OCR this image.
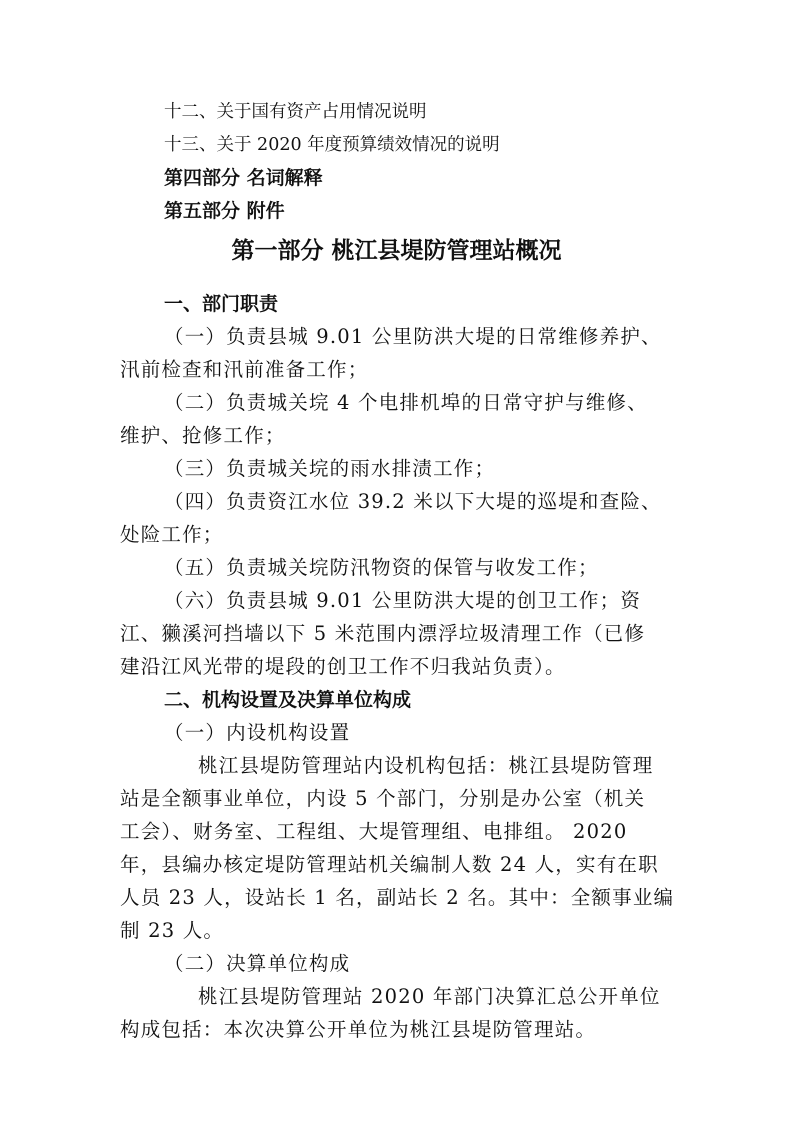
十二、关于国有资产占用情况说明
十三、关于 2020 年度预算绩效情况的说明
第四部分 名词解释
第五部分 附件
第一部分 桃江县堤防管理站概况
一、部门职责
（一）负责县城 9.01 公里防洪大堤的日常维修养护、
汛前检查和汛前准备工作；
（二）负责城关垸 4 个电排机埠的日常守护与维修、
维护、抢修工作；
（三）负责城关垸的雨水排渍工作；
（四）负责资江水位 39.2 米以下大堤的巡堤和查险、
处险工作；
（五）负责城关垸防汛物资的保管与收发工作；
（六）负责县城 9.01 公里防洪大堤的创卫工作；资
江、獭溪河挡墙以下 5 米范围内漂浮垃圾清理工作（已修
建沿江风光带的堤段的创卫工作不归我站负责）。
二、机构设置及决算单位构成
（一）内设机构设置
桃江县堤防管理站内设机构包括：桃江县堤防管理
站是全额事业单位，内设 5 个部门，分别是办公室（机关
工会）、财务室、工程组、大堤管理组、电排组。 2020
年，县编办核定堤防管理站机关编制人数 24 人，实有在职
人员 23 人，设站长 1 名，副站长 2 名。其中：全额事业编
制 23 人。
（二）决算单位构成
桃江县堤防管理站 2020 年部门决算汇总公开单位
构成包括：本次决算公开单位为桃江县堤防管理站。
